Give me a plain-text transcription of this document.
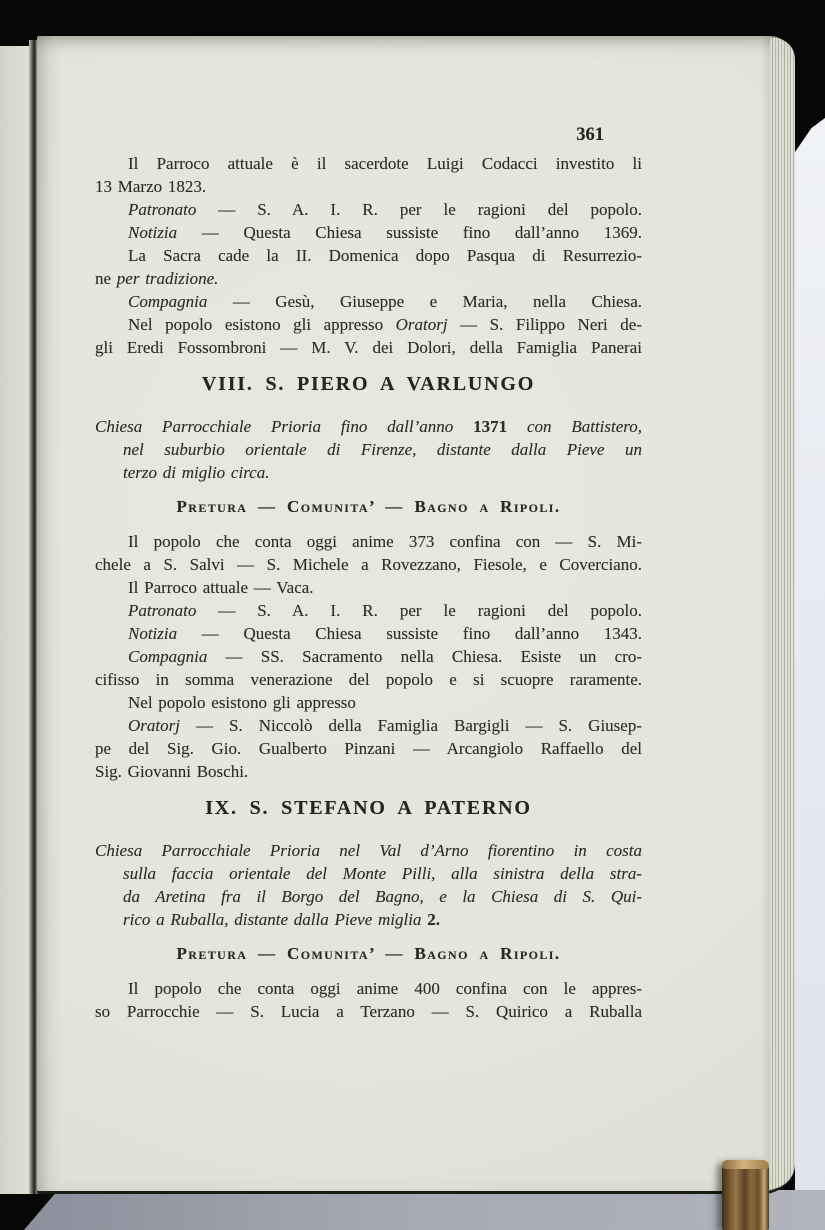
361
Il Parroco attuale è il sacerdote Luigi Codacci investito li
13 Marzo 1823.
Patronato — S. A. I. R. per le ragioni del popolo.
Notizia — Questa Chiesa sussiste fino dall’anno 1369.
La Sacra cade la II. Domenica dopo Pasqua di Resurrezio-
ne per tradizione.
Compagnia — Gesù, Giuseppe e Maria, nella Chiesa.
Nel popolo esistono gli appresso Oratorj — S. Filippo Neri de-
gli Eredi Fossombroni — M. V. dei Dolori, della Famiglia Panerai
VIII. S. PIERO A VARLUNGO
Chiesa Parrocchiale Prioria fino dall’anno 1371 con Battistero,
nel suburbio orientale di Firenze, distante dalla Pieve un
terzo di miglio circa.
Pretura — Comunita’ — Bagno a Ripoli.
Il popolo che conta oggi anime 373 confina con — S. Mi-
chele a S. Salvi — S. Michele a Rovezzano, Fiesole, e Coverciano.
Il Parroco attuale — Vaca.
Patronato — S. A. I. R. per le ragioni del popolo.
Notizia — Questa Chiesa sussiste fino dall’anno 1343.
Compagnia — SS. Sacramento nella Chiesa. Esiste un cro-
cifisso in somma venerazione del popolo e si scuopre raramente.
Nel popolo esistono gli appresso
Oratorj — S. Niccolò della Famiglia Bargigli — S. Giusep-
pe del Sig. Gio. Gualberto Pinzani — Arcangiolo Raffaello del
Sig. Giovanni Boschi.
IX. S. STEFANO A PATERNO
Chiesa Parrocchiale Prioria nel Val d’Arno fiorentino in costa
sulla faccia orientale del Monte Pilli, alla sinistra della stra-
da Aretina fra il Borgo del Bagno, e la Chiesa di S. Qui-
rico a Ruballa, distante dalla Pieve miglia 2.
Pretura — Comunita’ — Bagno a Ripoli.
Il popolo che conta oggi anime 400 confina con le appres-
so Parrocchie — S. Lucia a Terzano — S. Quirico a Ruballa
